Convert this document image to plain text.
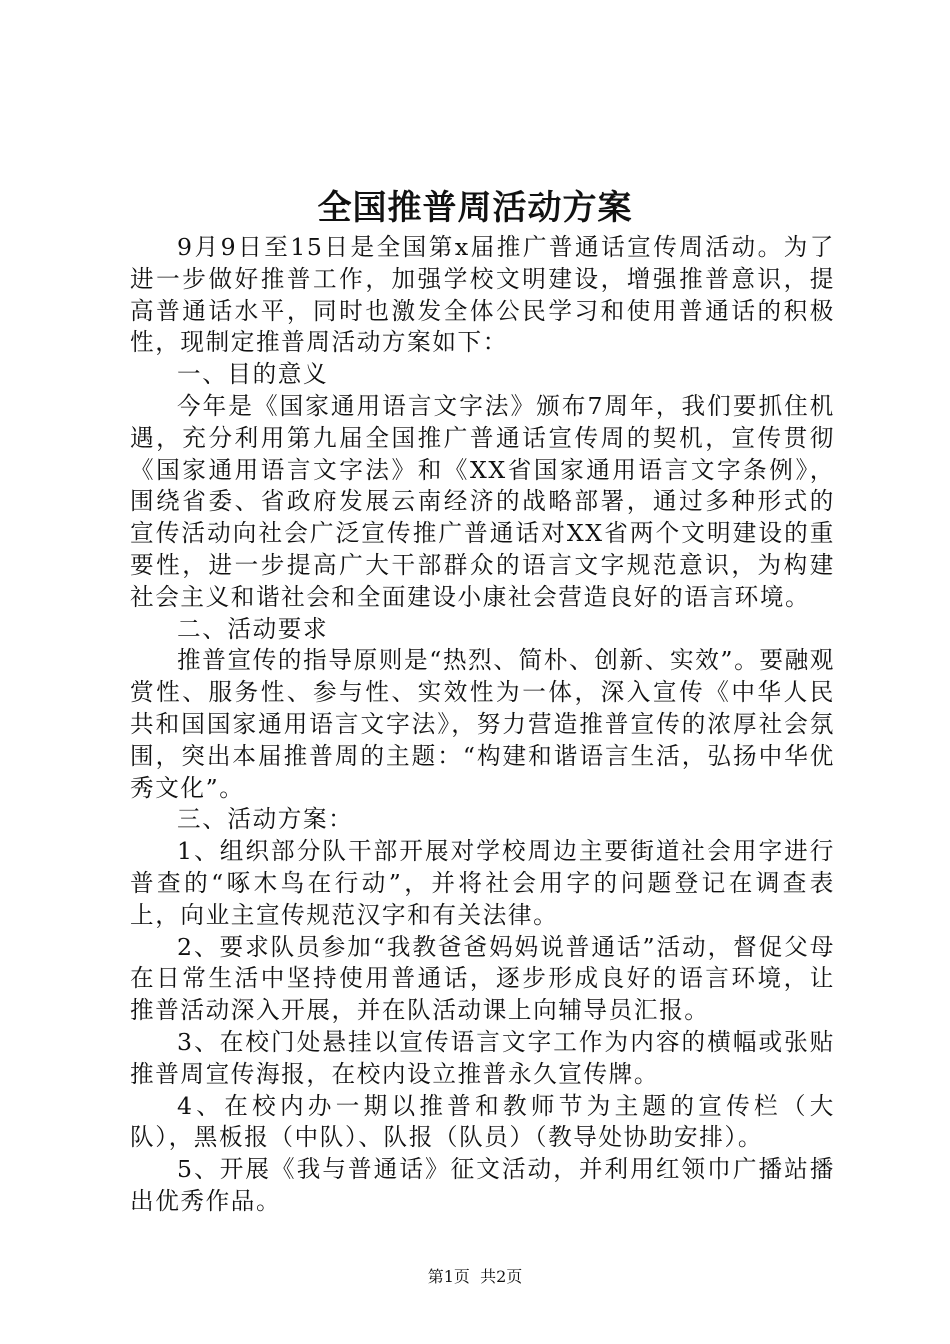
全国推普周活动方案

9月9日至15日是全国第x届推广普通话宣传周活动。为了进一步做好推普工作，加强学校文明建设，增强推普意识，提高普通话水平，同时也激发全体公民学习和使用普通话的积极性，现制定推普周活动方案如下：

一、目的意义

今年是《国家通用语言文字法》颁布7周年，我们要抓住机遇，充分利用第九届全国推广普通话宣传周的契机，宣传贯彻《国家通用语言文字法》和《XX省国家通用语言文字条例》，围绕省委、省政府发展云南经济的战略部署，通过多种形式的宣传活动向社会广泛宣传推广普通话对XX省两个文明建设的重要性，进一步提高广大干部群众的语言文字规范意识，为构建社会主义和谐社会和全面建设小康社会营造良好的语言环境。

二、活动要求

推普宣传的指导原则是“热烈、简朴、创新、实效”。要融观赏性、服务性、参与性、实效性为一体，深入宣传《中华人民共和国国家通用语言文字法》，努力营造推普宣传的浓厚社会氛围，突出本届推普周的主题：“构建和谐语言生活，弘扬中华优秀文化”。

三、活动方案：

1、组织部分队干部开展对学校周边主要街道社会用字进行普查的“啄木鸟在行动”，并将社会用字的问题登记在调查表上，向业主宣传规范汉字和有关法律。

2、要求队员参加“我教爸爸妈妈说普通话”活动，督促父母在日常生活中坚持使用普通话，逐步形成良好的语言环境，让推普活动深入开展，并在队活动课上向辅导员汇报。

3、在校门处悬挂以宣传语言文字工作为内容的横幅或张贴推普周宣传海报，在校内设立推普永久宣传牌。

4、在校内办一期以推普和教师节为主题的宣传栏（大队），黑板报（中队）、队报（队员）（教导处协助安排）。

5、开展《我与普通话》征文活动，并利用红领巾广播站播出优秀作品。

第1页 共2页
